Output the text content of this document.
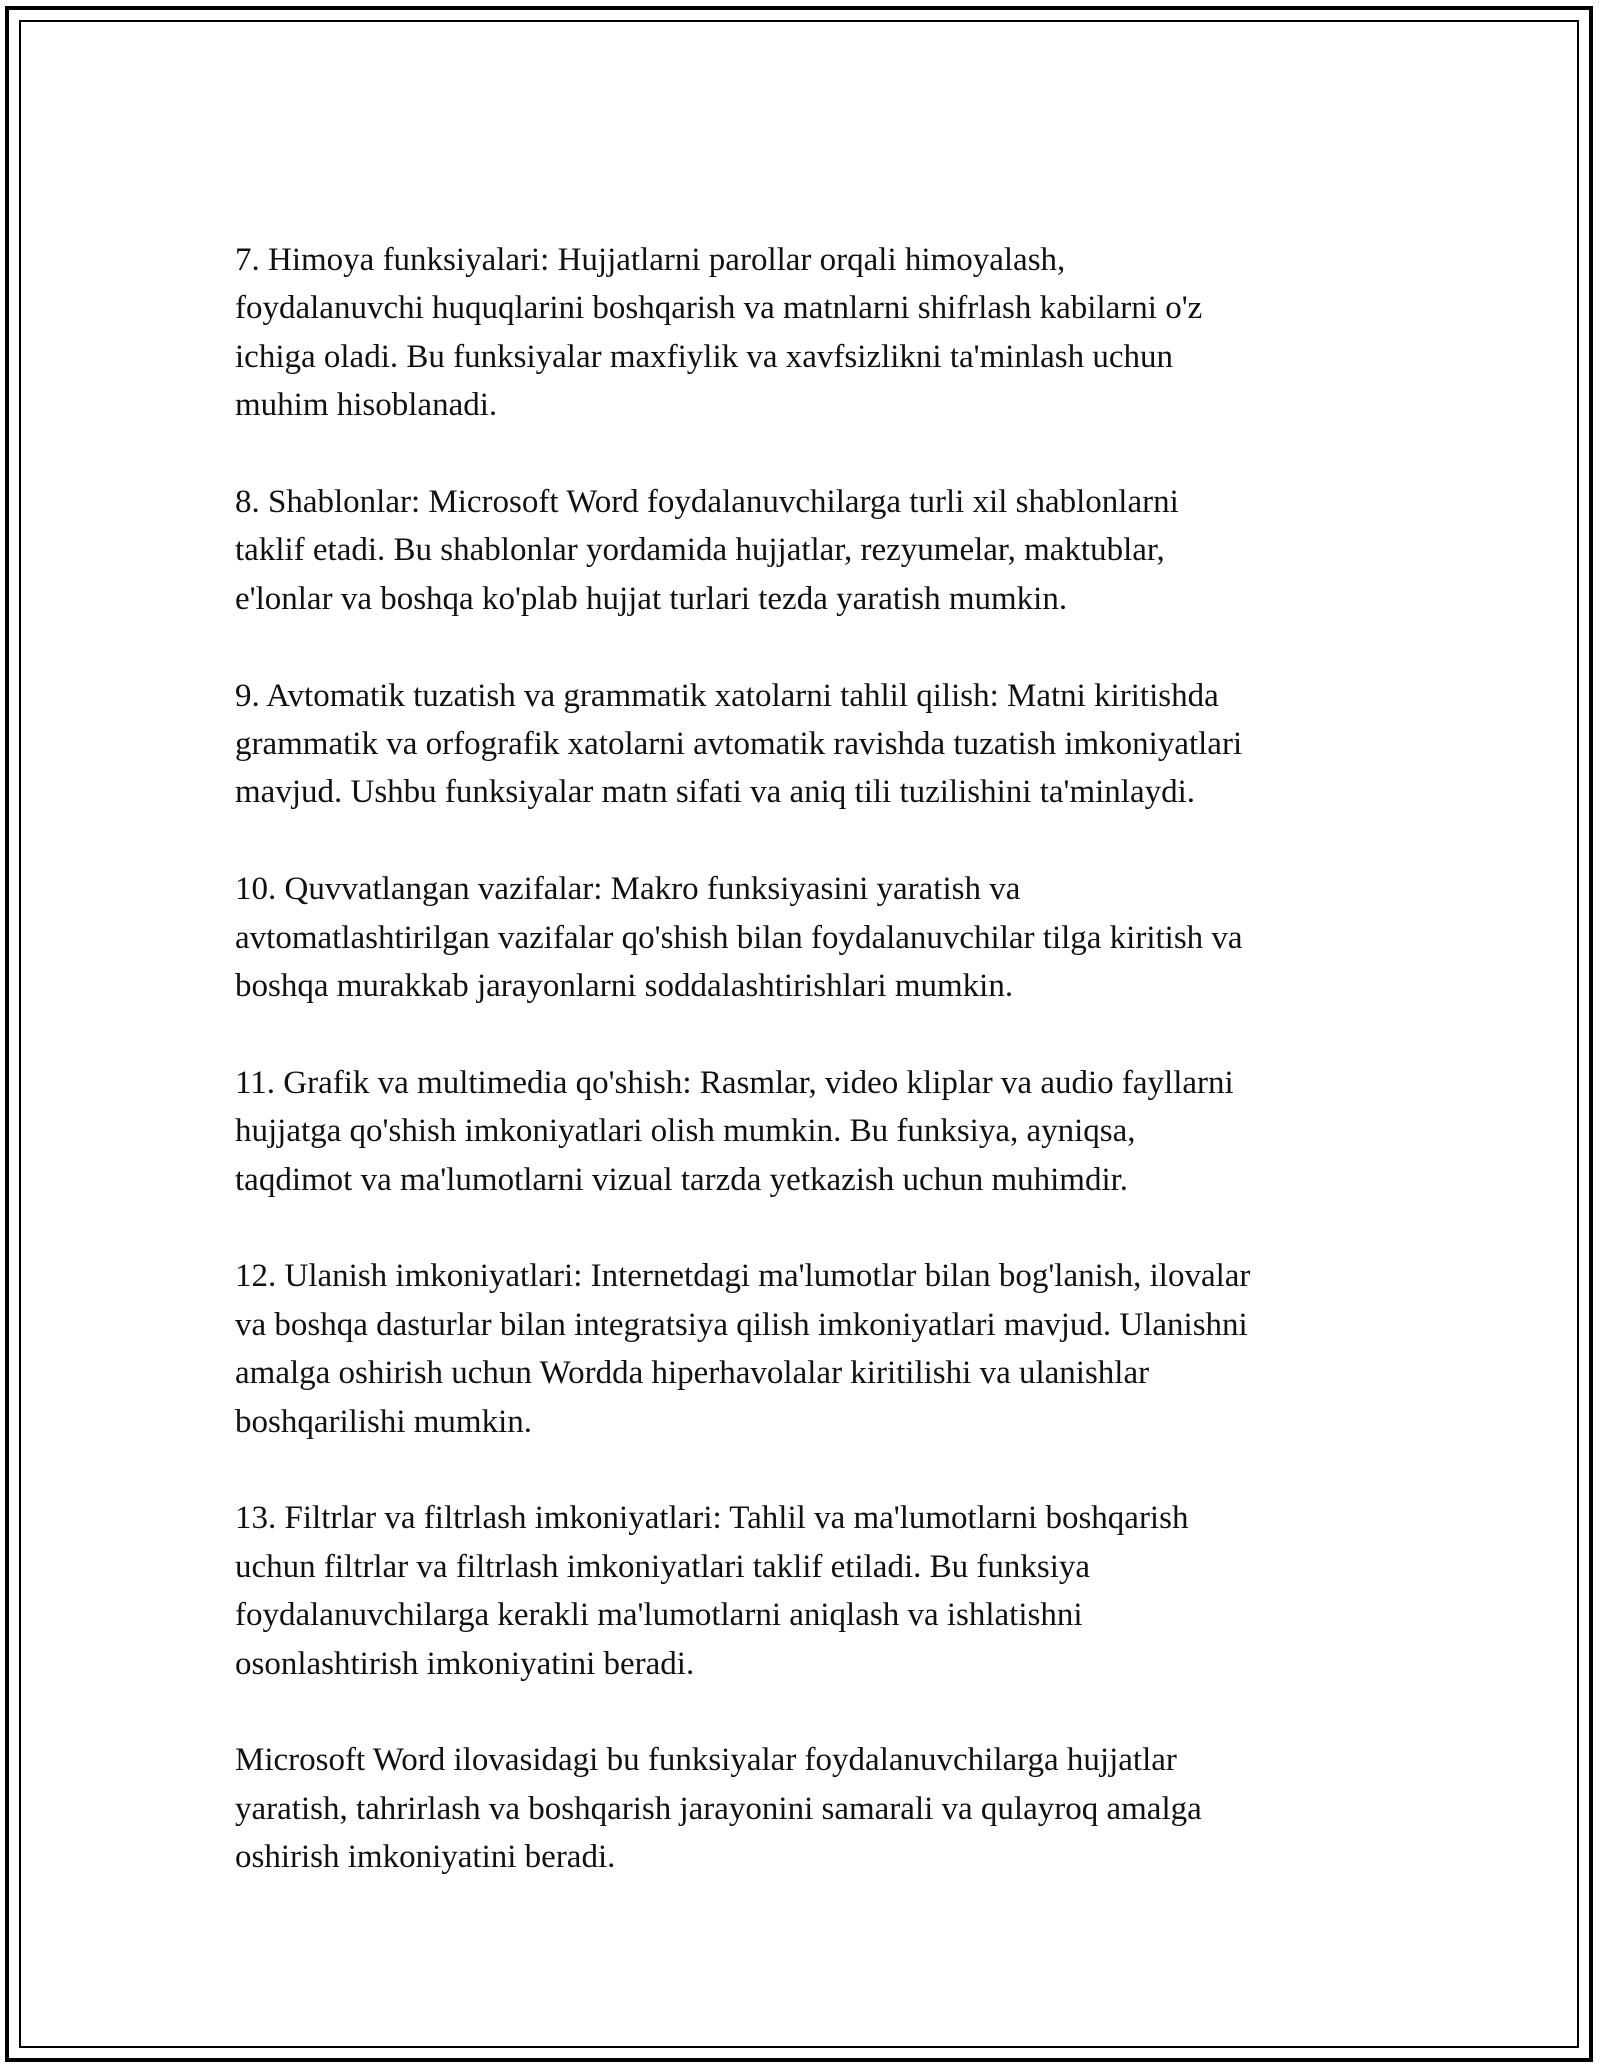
7. Himoya funksiyalari: Hujjatlarni parollar orqali himoyalash,
foydalanuvchi huquqlarini boshqarish va matnlarni shifrlash kabilarni o'z
ichiga oladi. Bu funksiyalar maxfiylik va xavfsizlikni ta'minlash uchun
muhim hisoblanadi.

8. Shablonlar: Microsoft Word foydalanuvchilarga turli xil shablonlarni
taklif etadi. Bu shablonlar yordamida hujjatlar, rezyumelar, maktublar,
e'lonlar va boshqa ko'plab hujjat turlari tezda yaratish mumkin.

9. Avtomatik tuzatish va grammatik xatolarni tahlil qilish: Matni kiritishda
grammatik va orfografik xatolarni avtomatik ravishda tuzatish imkoniyatlari
mavjud. Ushbu funksiyalar matn sifati va aniq tili tuzilishini ta'minlaydi.

10. Quvvatlangan vazifalar: Makro funksiyasini yaratish va
avtomatlashtirilgan vazifalar qo'shish bilan foydalanuvchilar tilga kiritish va
boshqa murakkab jarayonlarni soddalashtirishlari mumkin.

11. Grafik va multimedia qo'shish: Rasmlar, video kliplar va audio fayllarni
hujjatga qo'shish imkoniyatlari olish mumkin. Bu funksiya, ayniqsa,
taqdimot va ma'lumotlarni vizual tarzda yetkazish uchun muhimdir.

12. Ulanish imkoniyatlari: Internetdagi ma'lumotlar bilan bog'lanish, ilovalar
va boshqa dasturlar bilan integratsiya qilish imkoniyatlari mavjud. Ulanishni
amalga oshirish uchun Wordda hiperhavolalar kiritilishi va ulanishlar
boshqarilishi mumkin.

13. Filtrlar va filtrlash imkoniyatlari: Tahlil va ma'lumotlarni boshqarish
uchun filtrlar va filtrlash imkoniyatlari taklif etiladi. Bu funksiya
foydalanuvchilarga kerakli ma'lumotlarni aniqlash va ishlatishni
osonlashtirish imkoniyatini beradi.

Microsoft Word ilovasidagi bu funksiyalar foydalanuvchilarga hujjatlar
yaratish, tahrirlash va boshqarish jarayonini samarali va qulayroq amalga
oshirish imkoniyatini beradi.
